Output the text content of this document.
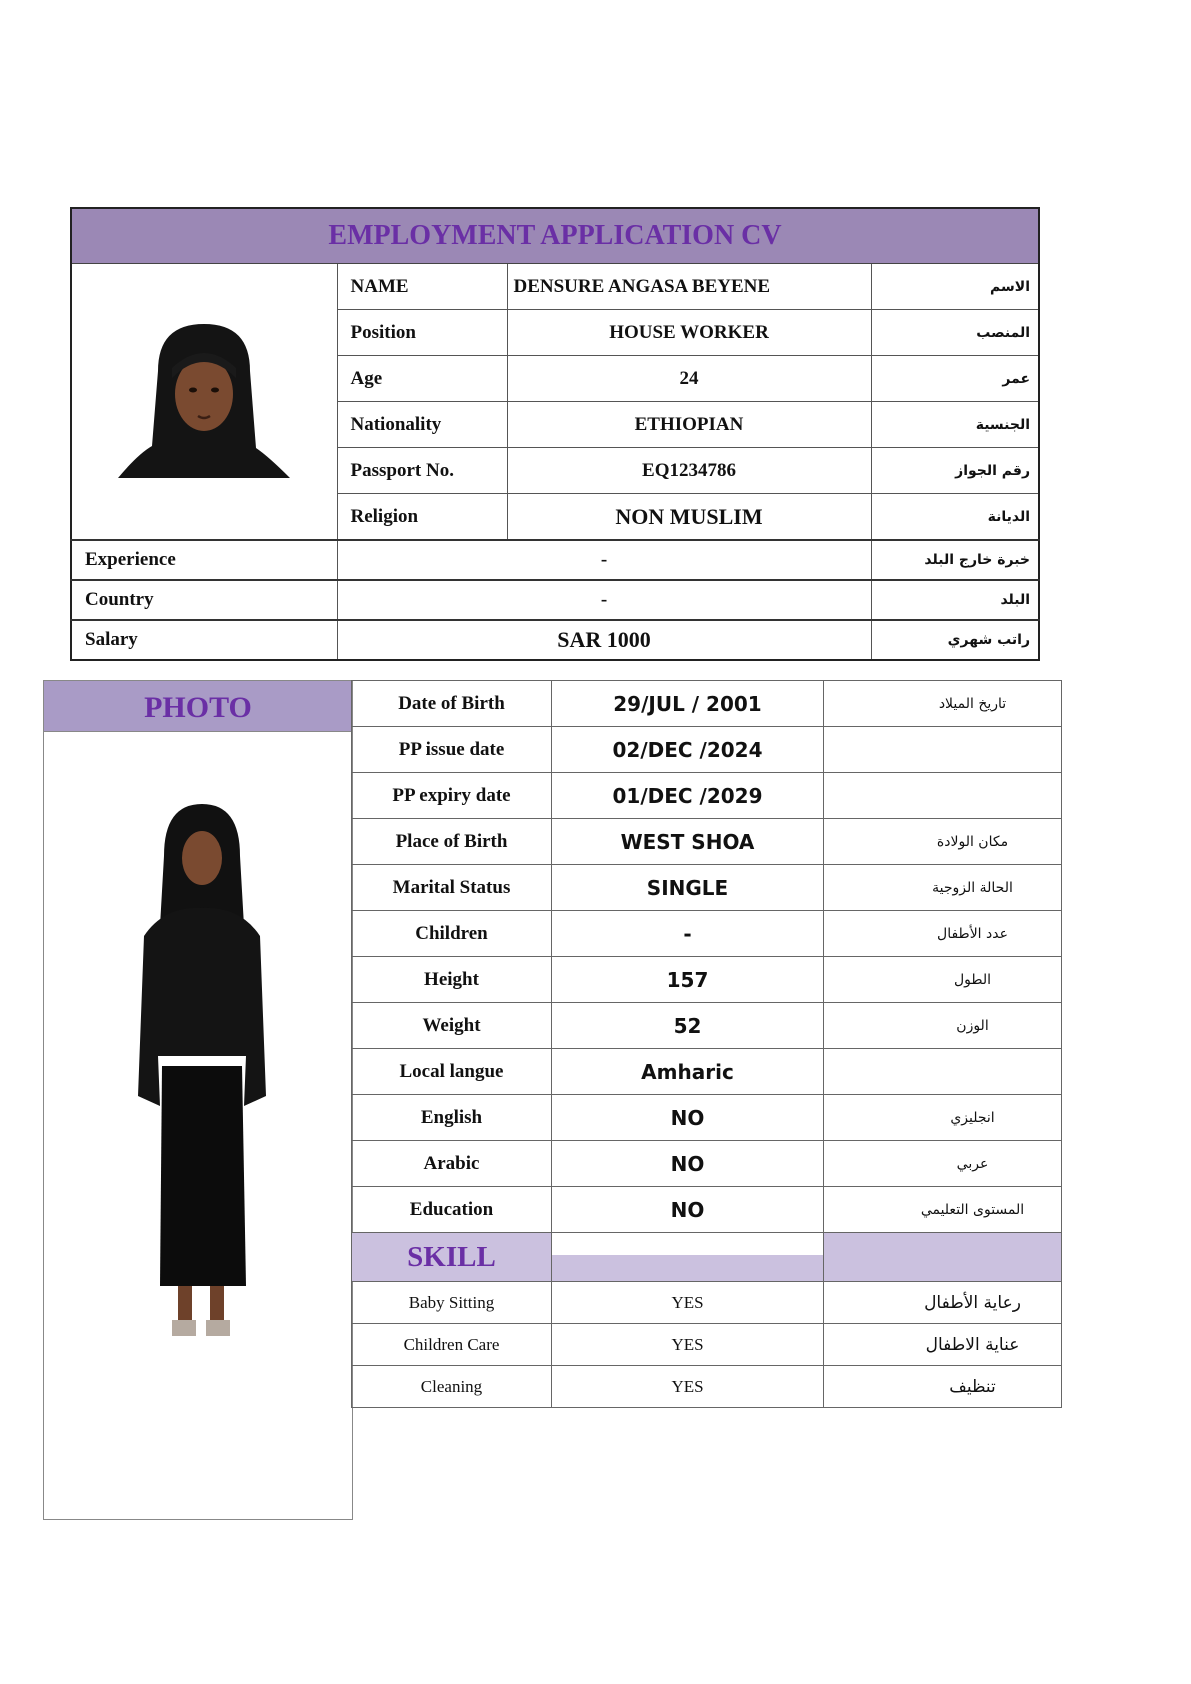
EMPLOYMENT APPLICATION CV			
	NAME	DENSURE ANGASA BEYENE	الاسم
	Position	HOUSE WORKER	المنصب
	Age	24	عمر
	Nationality	ETHIOPIAN	الجنسية
	Passport No.	EQ1234786	رقم الجواز
	Religion	NON MUSLIM	الديانة
Experience	-		خبرة خارج البلد
Country	-		البلد
Salary	SAR 1000		راتب شهري
PHOTO	Date of Birth	29/JUL / 2001	تاريخ الميلاد
PP issue date	02/DEC /2024	
PP expiry date	01/DEC /2029	
Place of Birth	WEST SHOA	مكان الولادة
Marital Status	SINGLE	الحالة الزوجية
Children	-	عدد الأطفال
Height	157	الطول
Weight	52	الوزن
Local langue	Amharic	
English	NO	انجليزي
Arabic	NO	عربي
Education	NO	المستوى التعليمي
SKILL	

Baby Sitting	YES	رعاية الأطفال
Children Care	YES	عناية الاطفال
Cleaning	YES	تنظيف
